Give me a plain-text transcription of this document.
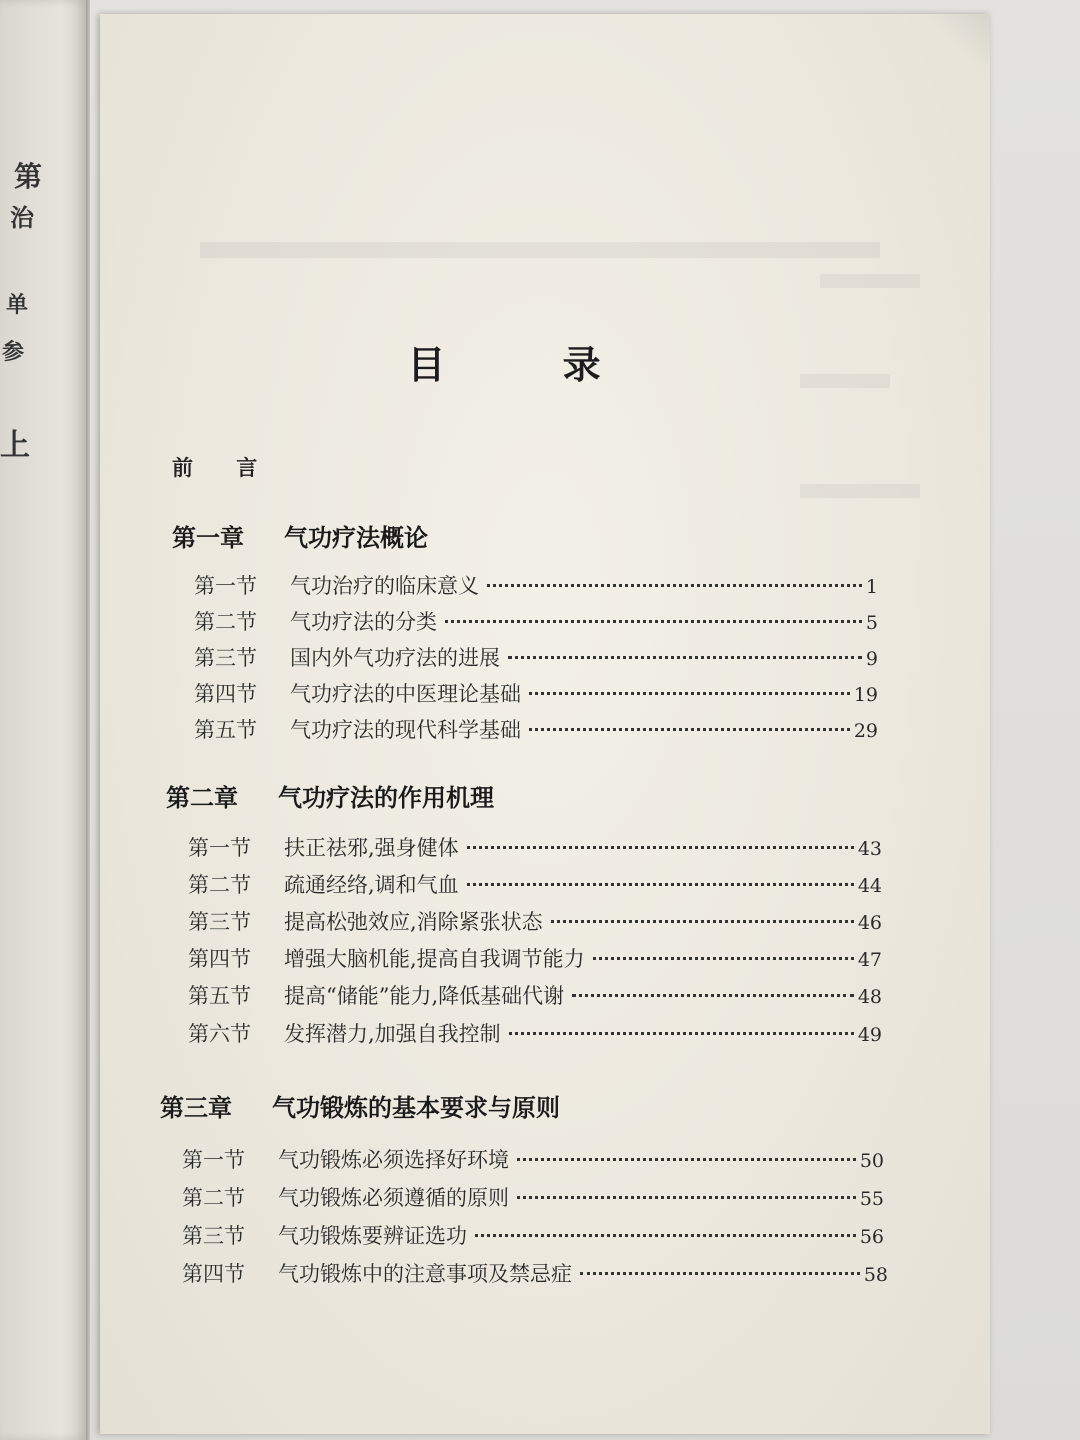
第
治
单
参
上
目 录
前 言
第一章 气功疗法概论
第一节	气功治疗的临床意义	1
第二节	气功疗法的分类	5
第三节	国内外气功疗法的进展	9
第四节	气功疗法的中医理论基础	19
第五节	气功疗法的现代科学基础	29
第二章 气功疗法的作用机理
第一节	扶正祛邪,强身健体	43
第二节	疏通经络,调和气血	44
第三节	提高松弛效应,消除紧张状态	46
第四节	增强大脑机能,提高自我调节能力	47
第五节	提高“储能”能力,降低基础代谢	48
第六节	发挥潜力,加强自我控制	49
第三章 气功锻炼的基本要求与原则
第一节	气功锻炼必须选择好环境	50
第二节	气功锻炼必须遵循的原则	55
第三节	气功锻炼要辨证选功	56
第四节	气功锻炼中的注意事项及禁忌症	58
